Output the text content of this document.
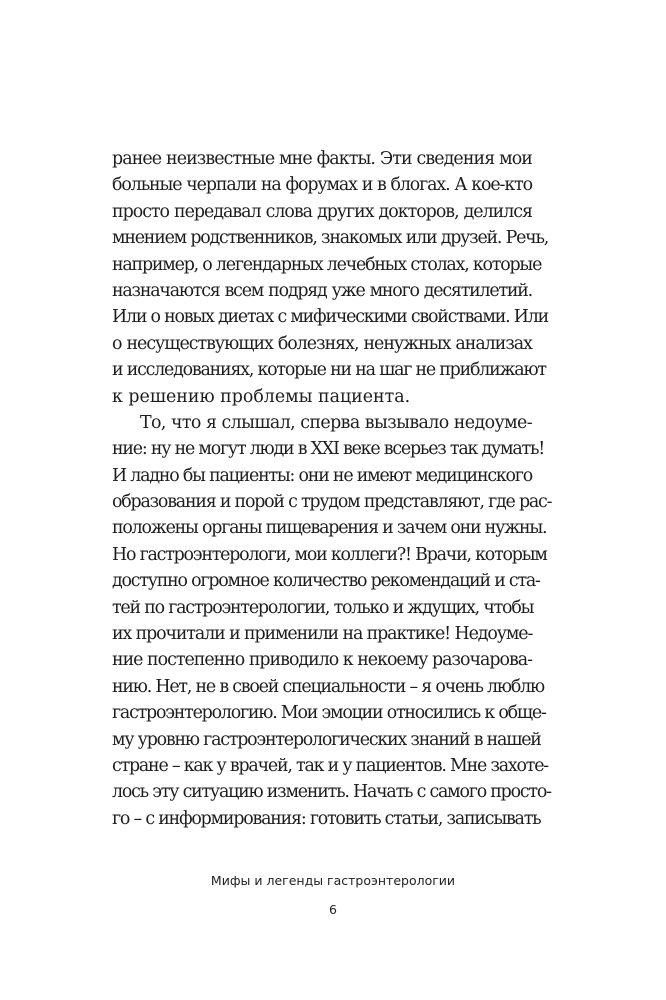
ранее неизвестные мне факты. Эти сведения мои
больные черпали на форумах и в блогах. А кое-кто
просто передавал слова других докторов, делился
мнением родственников, знакомых или друзей. Речь,
например, о легендарных лечебных столах, которые
назначаются всем подряд уже много десятилетий.
Или о новых диетах с мифическими свойствами. Или
о несуществующих болезнях, ненужных анализах
и исследованиях, которые ни на шаг не приближают
к решению проблемы пациента.
То, что я слышал, сперва вызывало недоуме-
ние: ну не могут люди в XXI веке всерьез так думать!
И ладно бы пациенты: они не имеют медицинского
образования и порой с трудом представляют, где рас-
положены органы пищеварения и зачем они нужны.
Но гастроэнтерологи, мои коллеги?! Врачи, которым
доступно огромное количество рекомендаций и ста-
тей по гастроэнтерологии, только и ждущих, чтобы
их прочитали и применили на практике! Недоуме-
ние постепенно приводило к некоему разочарова-
нию. Нет, не в своей специальности – я очень люблю
гастроэнтерологию. Мои эмоции относились к обще-
му уровню гастроэнтерологических знаний в нашей
стране – как у врачей, так и у пациентов. Мне захоте-
лось эту ситуацию изменить. Начать с самого просто-
го – с информирования: готовить статьи, записывать
Мифы и легенды гастроэнтерологии
6
